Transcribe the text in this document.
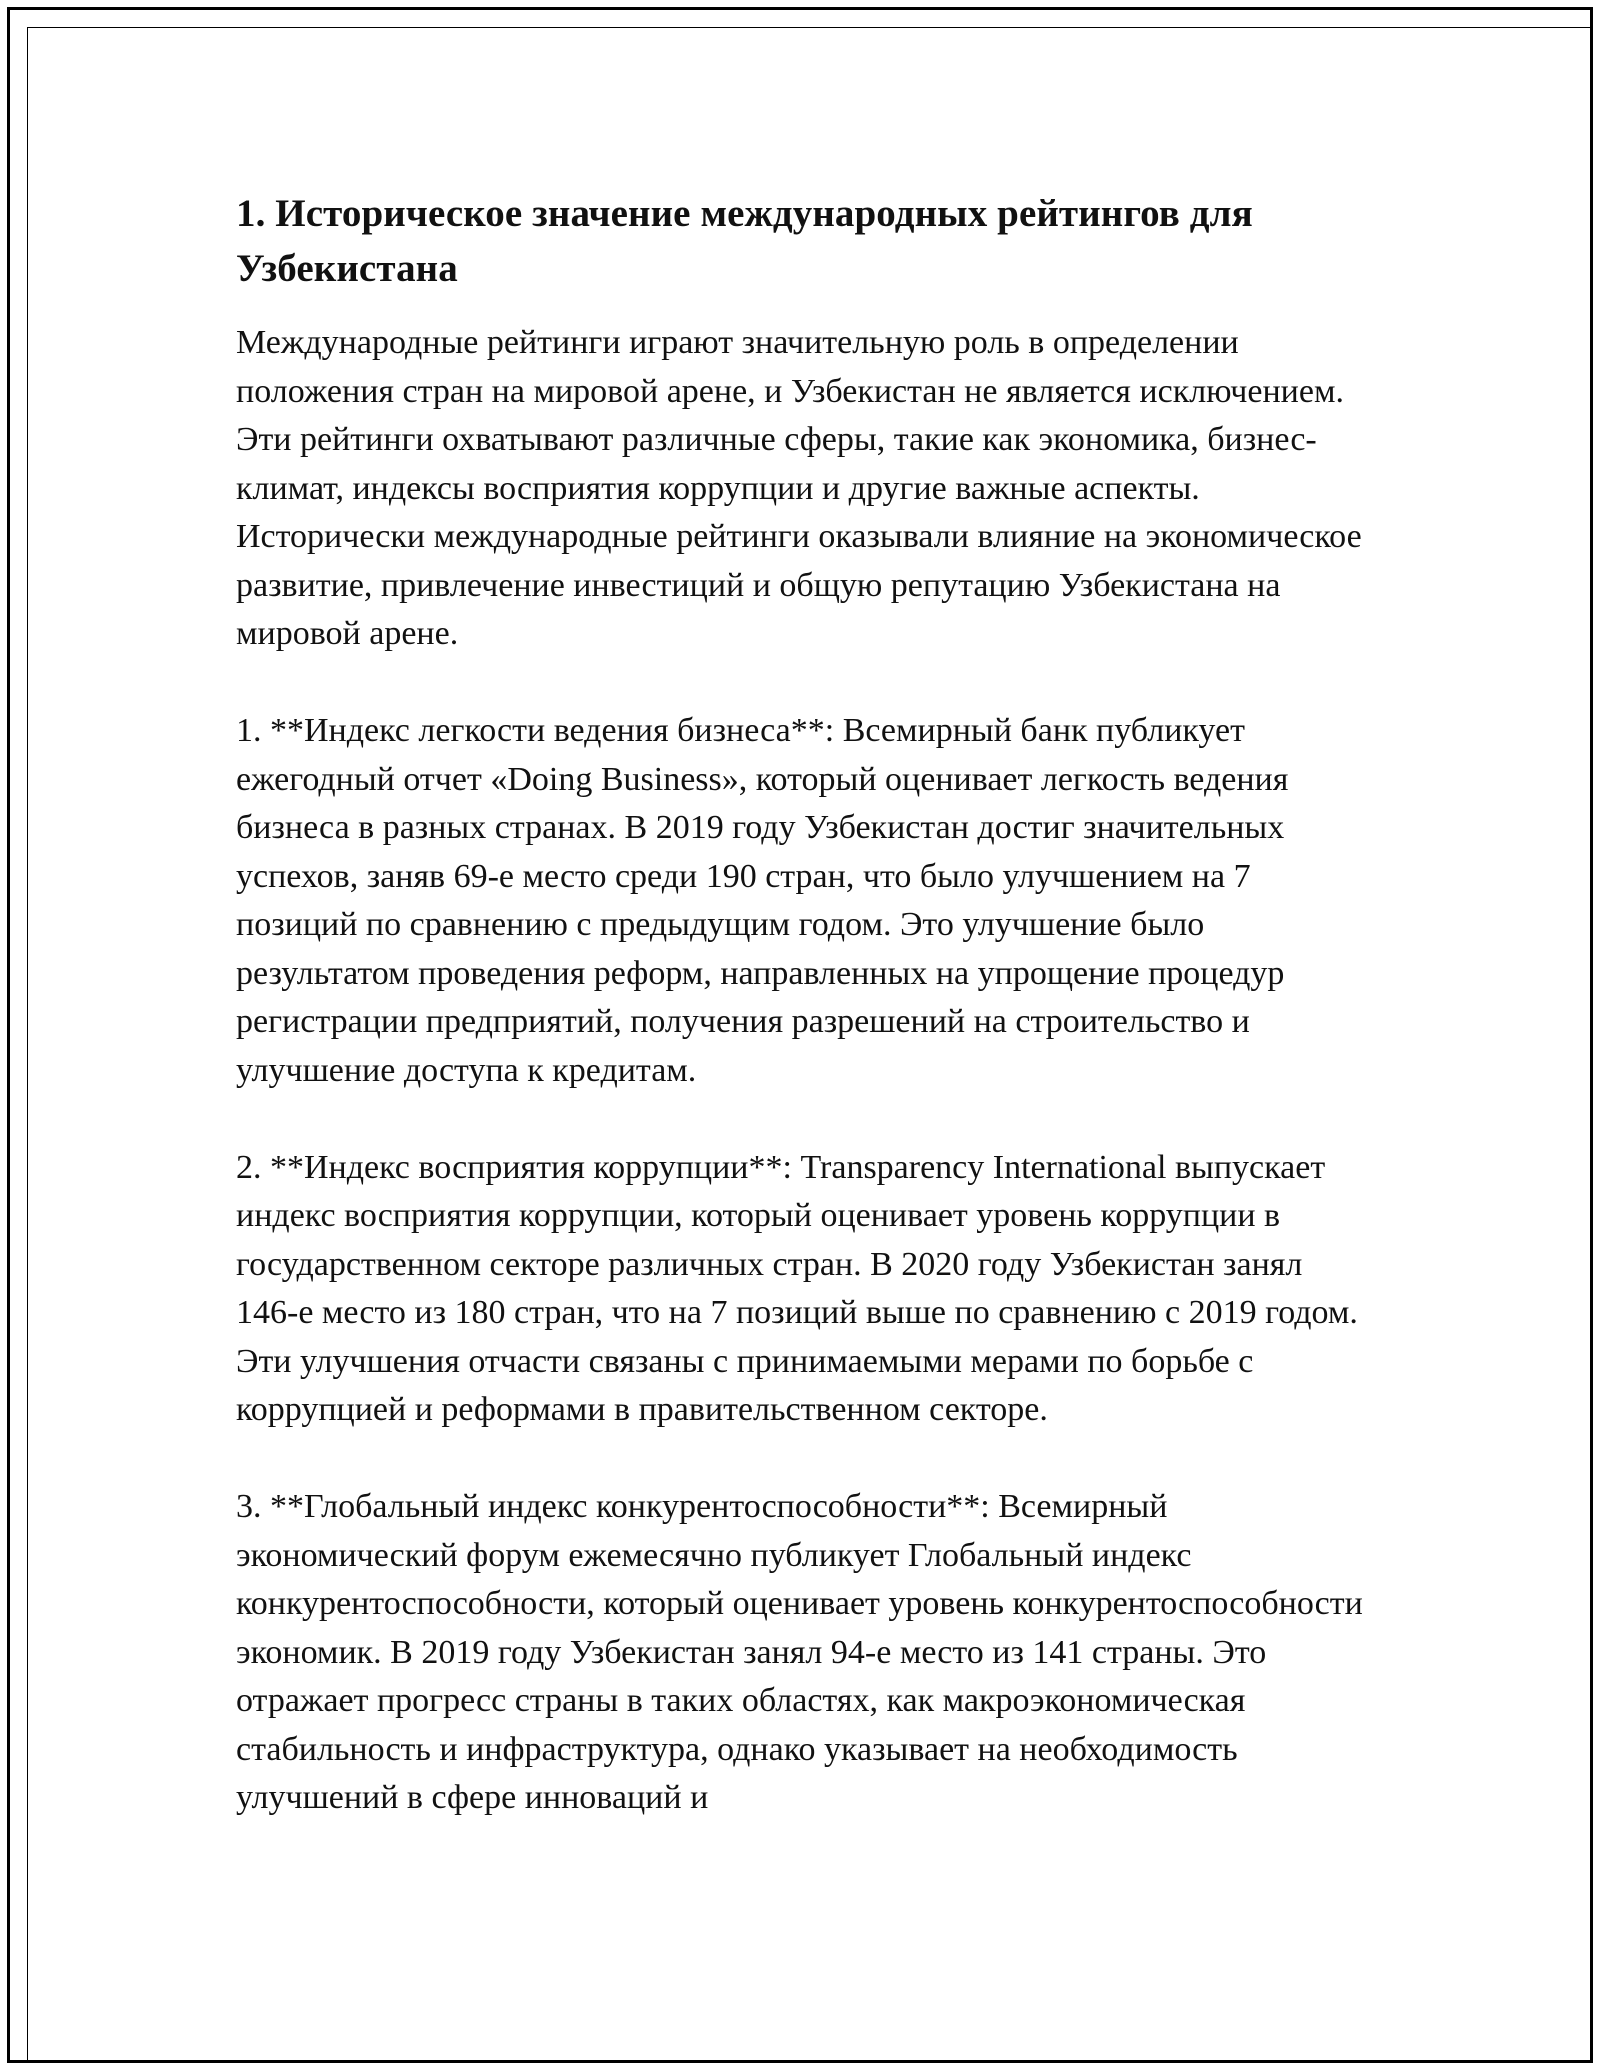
1. Историческое значение международных рейтингов для Узбекистана

Международные рейтинги играют значительную роль в определении положения стран на мировой арене, и Узбекистан не является исключением. Эти рейтинги охватывают различные сферы, такие как экономика, бизнес-климат, индексы восприятия коррупции и другие важные аспекты. Исторически международные рейтинги оказывали влияние на экономическое развитие, привлечение инвестиций и общую репутацию Узбекистана на мировой арене.

1. **Индекс легкости ведения бизнеса**: Всемирный банк публикует ежегодный отчет «Doing Business», который оценивает легкость ведения бизнеса в разных странах. В 2019 году Узбекистан достиг значительных успехов, заняв 69-е место среди 190 стран, что было улучшением на 7 позиций по сравнению с предыдущим годом. Это улучшение было результатом проведения реформ, направленных на упрощение процедур регистрации предприятий, получения разрешений на строительство и улучшение доступа к кредитам.

2. **Индекс восприятия коррупции**: Transparency International выпускает индекс восприятия коррупции, который оценивает уровень коррупции в государственном секторе различных стран. В 2020 году Узбекистан занял 146-е место из 180 стран, что на 7 позиций выше по сравнению с 2019 годом. Эти улучшения отчасти связаны с принимаемыми мерами по борьбе с коррупцией и реформами в правительственном секторе.

3. **Глобальный индекс конкурентоспособности**: Всемирный экономический форум ежемесячно публикует Глобальный индекс конкурентоспособности, который оценивает уровень конкурентоспособности экономик. В 2019 году Узбекистан занял 94-е место из 141 страны. Это отражает прогресс страны в таких областях, как макроэкономическая стабильность и инфраструктура, однако указывает на необходимость улучшений в сфере инноваций и
